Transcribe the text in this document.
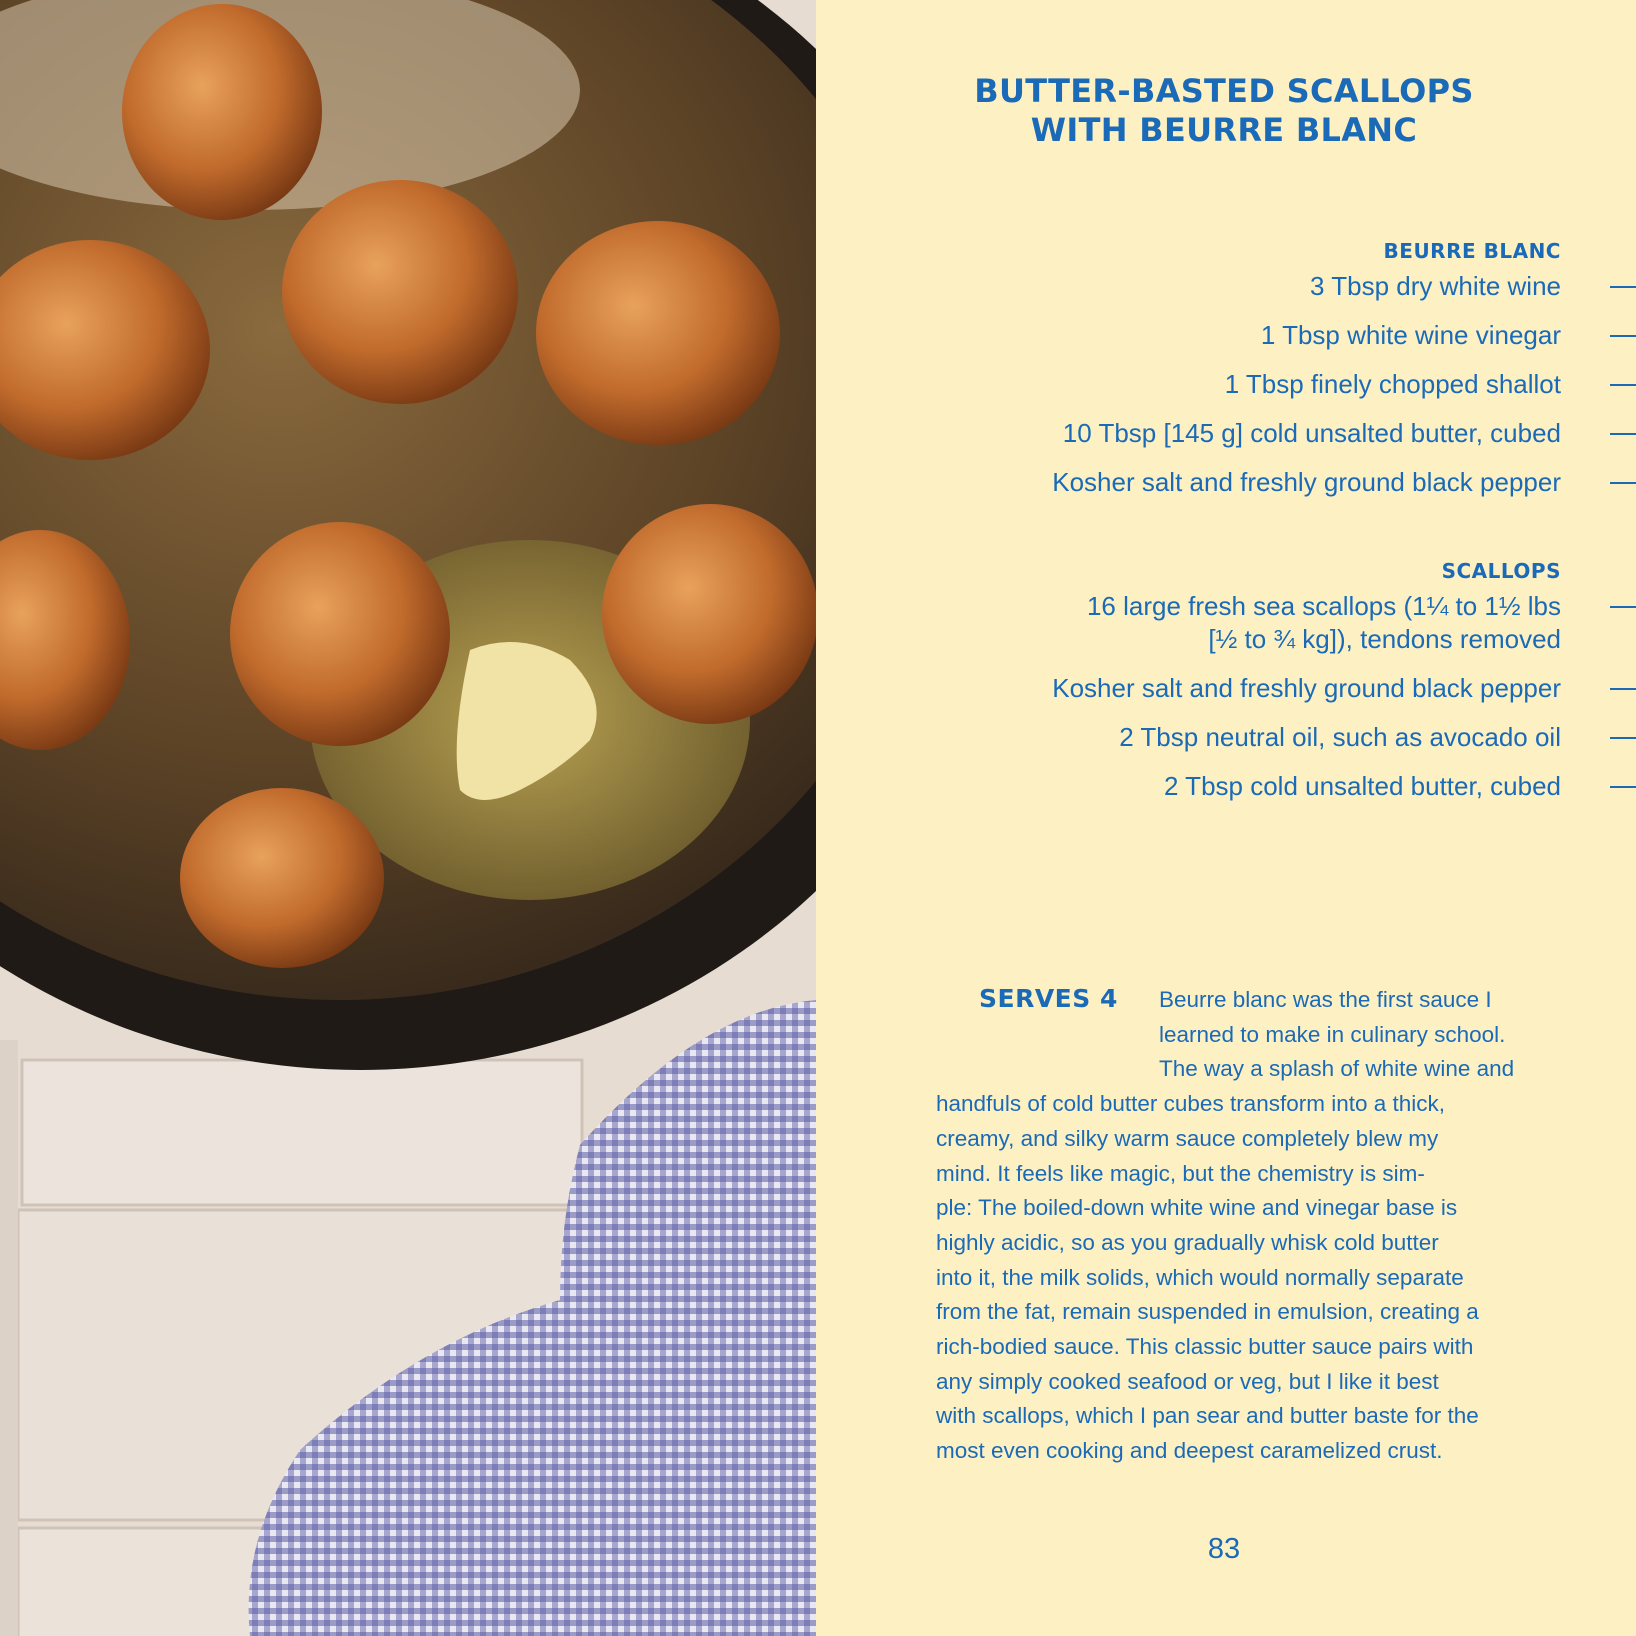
BUTTER-BASTED SCALLOPS
WITH BEURRE BLANC
BEURRE BLANC
3 Tbsp dry white wine
1 Tbsp white wine vinegar
1 Tbsp finely chopped shallot
10 Tbsp [145 g] cold unsalted butter, cubed
Kosher salt and freshly ground black pepper
SCALLOPS
16 large fresh sea scallops (1¼ to 1½ lbs [½ to ¾ kg]), tendons removed
Kosher salt and freshly ground black pepper
2 Tbsp neutral oil, such as avocado oil
2 Tbsp cold unsalted butter, cubed
SERVES 4	Beurre blanc was the first sauce I
learned to make in culinary school.
The way a splash of white wine and
handfuls of cold butter cubes transform into a thick,
creamy, and silky warm sauce completely blew my
mind. It feels like magic, but the chemistry is sim-
ple: The boiled-down white wine and vinegar base is
highly acidic, so as you gradually whisk cold butter
into it, the milk solids, which would normally separate
from the fat, remain suspended in emulsion, creating a
rich-bodied sauce. This classic butter sauce pairs with
any simply cooked seafood or veg, but I like it best
with scallops, which I pan sear and butter baste for the
most even cooking and deepest caramelized crust.
83
